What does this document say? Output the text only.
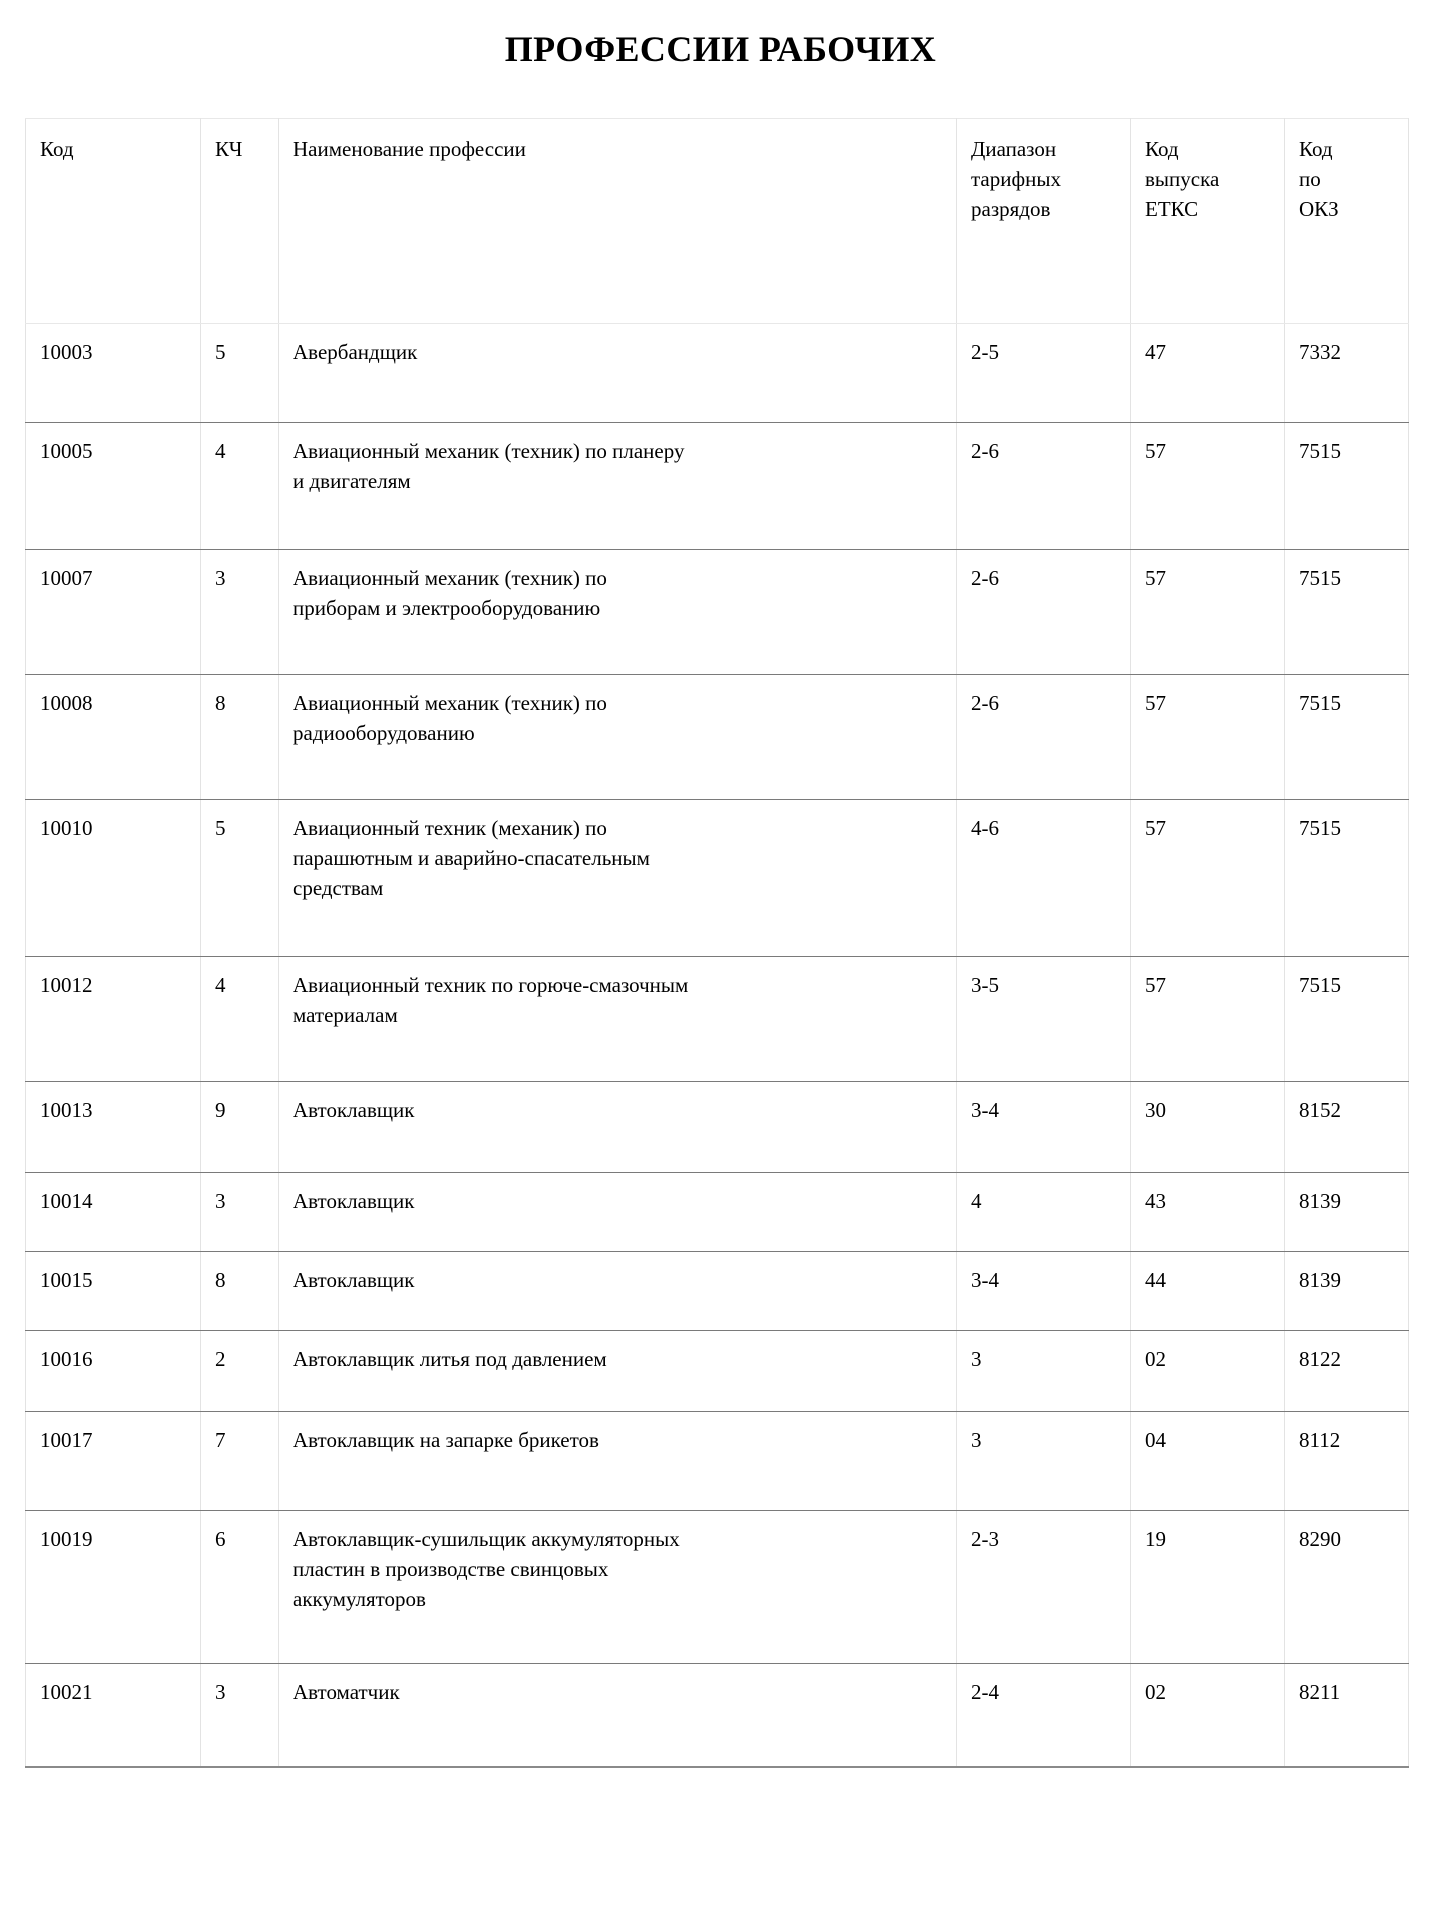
ПРОФЕССИИ РАБОЧИХ
Код	КЧ	Наименование профессии	Диапазон
тарифных
разрядов	Код
выпуска
ЕТКС	Код
по
ОКЗ

10003	5	Авербандщик	2-5	47	7332
10005	4	Авиационный механик (техник) по планеру
и двигателям	2-6	57	7515
10007	3	Авиационный механик (техник) по
приборам и электрооборудованию	2-6	57	7515
10008	8	Авиационный механик (техник) по
радиооборудованию	2-6	57	7515
10010	5	Авиационный техник (механик) по
парашютным и аварийно-спасательным
средствам	4-6	57	7515
10012	4	Авиационный техник по горюче-смазочным
материалам	3-5	57	7515
10013	9	Автоклавщик	3-4	30	8152
10014	3	Автоклавщик	4	43	8139
10015	8	Автоклавщик	3-4	44	8139
10016	2	Автоклавщик литья под давлением	3	02	8122
10017	7	Автоклавщик на запарке брикетов	3	04	8112
10019	6	Автоклавщик-сушильщик аккумуляторных
пластин в производстве свинцовых
аккумуляторов	2-3	19	8290
10021	3	Автоматчик	2-4	02	8211
